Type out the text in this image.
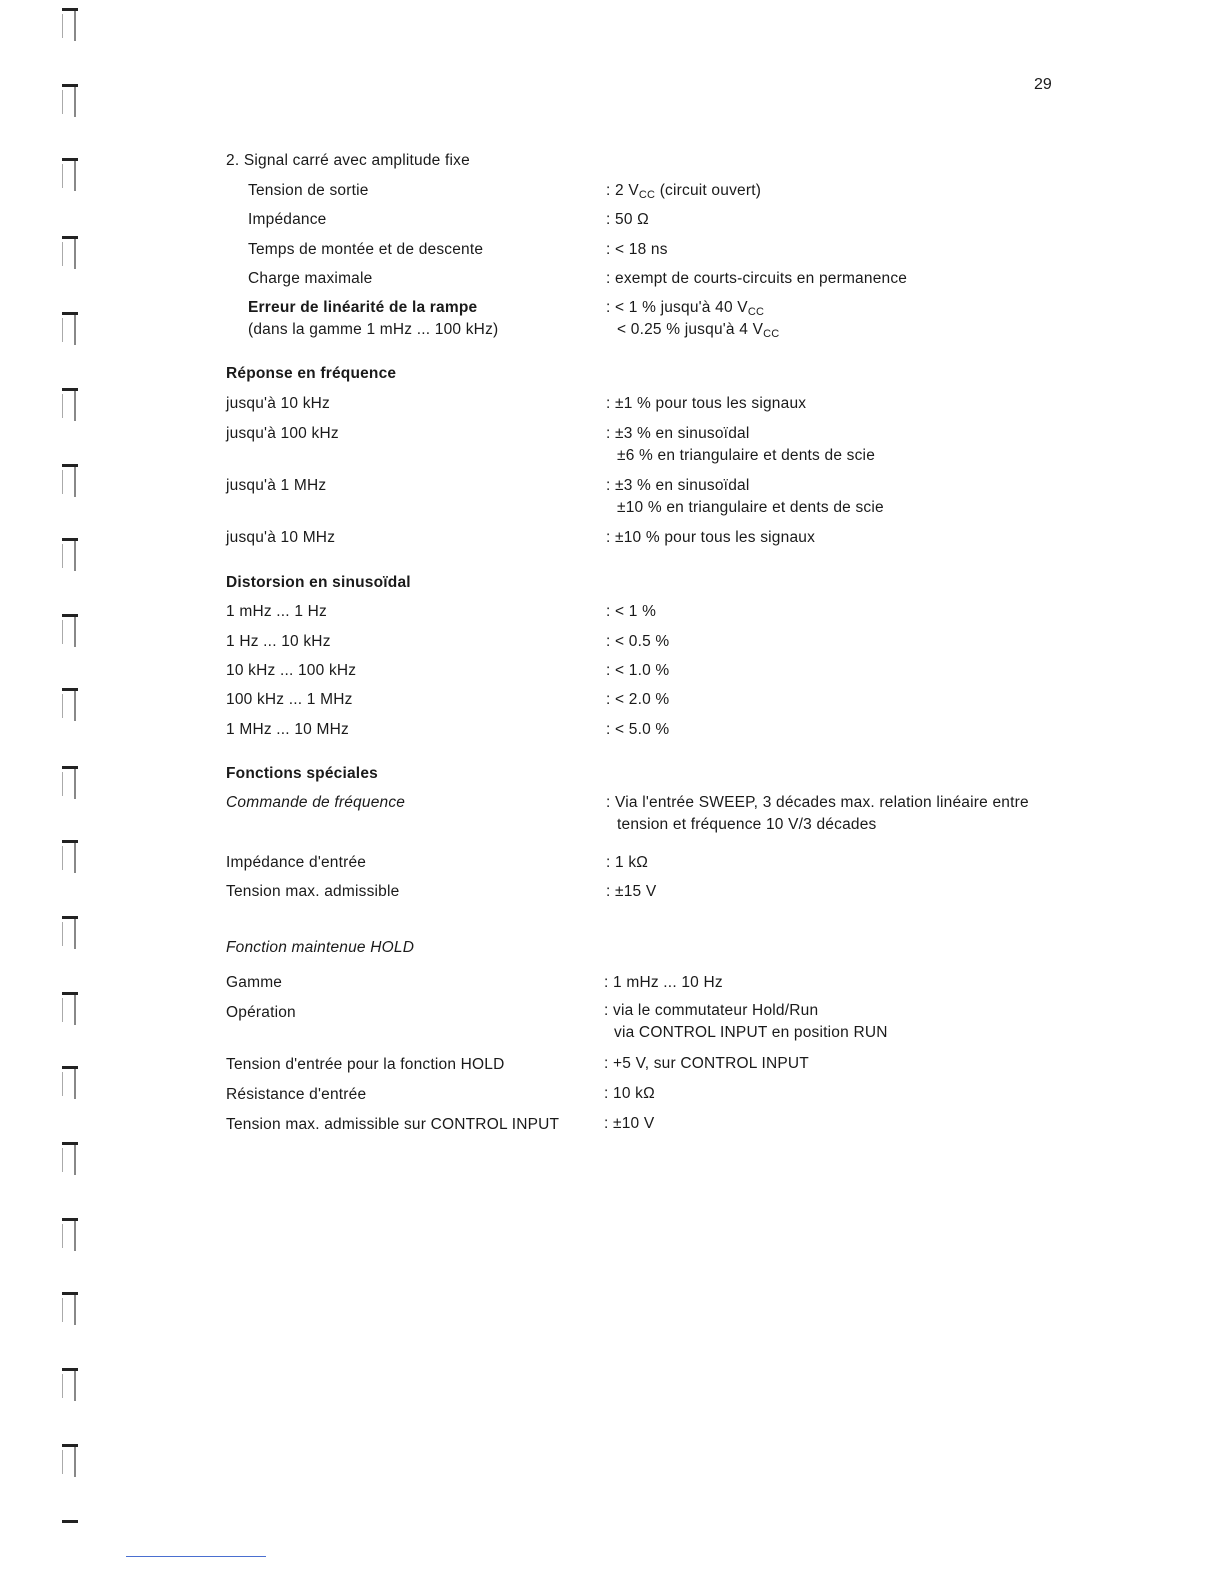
29
2. Signal carré avec amplitude fixe
Tension de sortie	: 2 $V_{CC}$ (circuit ouvert)
Impédance	: 50 Ω
Temps de montée et de descente	: < 18 ns
Charge maximale	: exempt de courts-circuits en permanence
Erreur de linéarité de la rampe	: < 1 % jusqu'à 40 $V_{CC}$
(dans la gamme 1 mHz ... 100 kHz)	< 0.25 % jusqu'à 4 $V_{CC}$
Réponse en fréquence
jusqu'à 10 kHz	: ±1 % pour tous les signaux
jusqu'à 100 kHz	: ±3 % en sinusoïdal
±6 % en triangulaire et dents de scie
jusqu'à 1 MHz	: ±3 % en sinusoïdal
±10 % en triangulaire et dents de scie
jusqu'à 10 MHz	: ±10 % pour tous les signaux
Distorsion en sinusoïdal
1 mHz ... 1 Hz	: < 1 %
1 Hz ... 10 kHz	: < 0.5 %
10 kHz ... 100 kHz	: < 1.0 %
100 kHz ... 1 MHz	: < 2.0 %
1 MHz ... 10 MHz	: < 5.0 %
Fonctions spéciales
Commande de fréquence	: Via l'entrée SWEEP, 3 décades max. relation linéaire entre
tension et fréquence 10 V/3 décades
Impédance d'entrée	: 1 kΩ
Tension max. admissible	: ±15 V
Fonction maintenue HOLD
Gamme	: 1 mHz ... 10 Hz
Opération	: via le commutateur Hold/Run
via CONTROL INPUT en position RUN
Tension d'entrée pour la fonction HOLD	: +5 V, sur CONTROL INPUT
Résistance d'entrée	: 10 kΩ
Tension max. admissible sur CONTROL INPUT	: ±10 V
